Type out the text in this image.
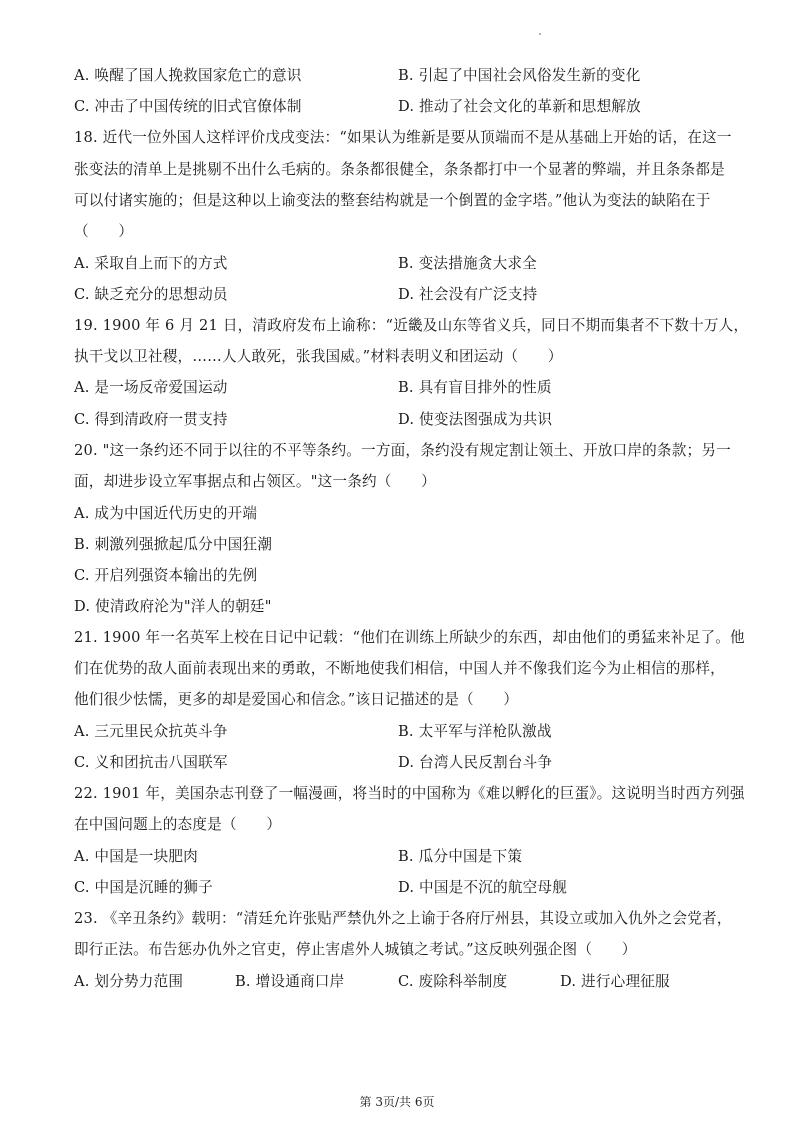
A. 唤醒了国人挽救国家危亡的意识	B. 引起了中国社会风俗发生新的变化
C. 冲击了中国传统的旧式官僚体制	D. 推动了社会文化的革新和思想解放
18. 近代一位外国人这样评价戊戌变法：“如果认为维新是要从顶端而不是从基础上开始的话，在这一
张变法的清单上是挑剔不出什么毛病的。条条都很健全，条条都打中一个显著的弊端，并且条条都是
可以付诸实施的；但是这种以上谕变法的整套结构就是一个倒置的金字塔。”他认为变法的缺陷在于
（　　）
A. 采取自上而下的方式	B. 变法措施贪大求全
C. 缺乏充分的思想动员	D. 社会没有广泛支持
19. 1900 年 6 月 21 日，清政府发布上谕称：“近畿及山东等省义兵，同日不期而集者不下数十万人，
执干戈以卫社稷，……人人敢死，张我国威。”材料表明义和团运动（　　）
A. 是一场反帝爱国运动	B. 具有盲目排外的性质
C. 得到清政府一贯支持	D. 使变法图强成为共识
20. "这一条约还不同于以往的不平等条约。一方面，条约没有规定割让领土、开放口岸的条款；另一
面，却进步设立军事据点和占领区。"这一条约（　　）
A. 成为中国近代历史的开端
B. 刺激列强掀起瓜分中国狂潮
C. 开启列强资本输出的先例
D. 使清政府沦为"洋人的朝廷"
21. 1900 年一名英军上校在日记中记载：“他们在训练上所缺少的东西，却由他们的勇猛来补足了。他
们在优势的敌人面前表现出来的勇敢，不断地使我们相信，中国人并不像我们迄今为止相信的那样，
他们很少怯懦，更多的却是爱国心和信念。”该日记描述的是（　　）
A. 三元里民众抗英斗争	B. 太平军与洋枪队激战
C. 义和团抗击八国联军	D. 台湾人民反割台斗争
22. 1901 年，美国杂志刊登了一幅漫画，将当时的中国称为《难以孵化的巨蛋》。这说明当时西方列强
在中国问题上的态度是（　　）
A. 中国是一块肥肉	B. 瓜分中国是下策
C. 中国是沉睡的狮子	D. 中国是不沉的航空母舰
23. 《辛丑条约》载明：“清廷允许张贴严禁仇外之上谕于各府厅州县，其设立或加入仇外之会党者，
即行正法。布告惩办仇外之官吏，停止害虐外人城镇之考试。”这反映列强企图（　　）
A. 划分势力范围	B. 增设通商口岸	C. 废除科举制度	D. 进行心理征服
第 3页/共 6页
